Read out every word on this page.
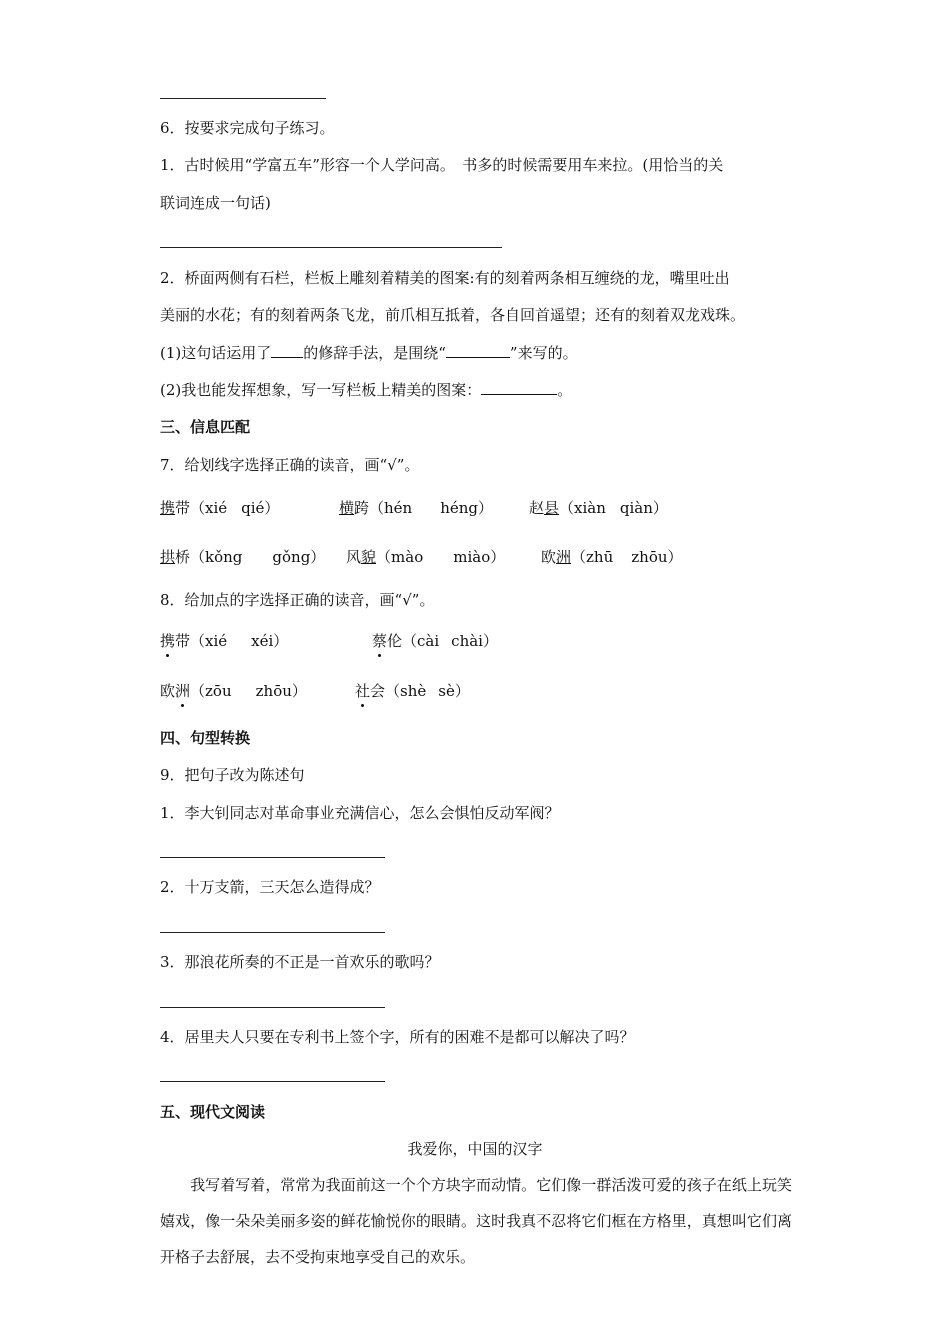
6．按要求完成句子练习。
1．古时候用“学富五车”形容一个人学问高。　书多的时候需要用车来拉。(用恰当的关
联词连成一句话)
2．桥面两侧有石栏，栏板上雕刻着精美的图案:有的刻着两条相互缠绕的龙，嘴里吐出
美丽的水花；有的刻着两条飞龙，前爪相互抵着，各自回首遥望；还有的刻着双龙戏珠。
(1)这句话运用了 的修辞手法，是围绕“	”来写的。
(2)我也能发挥想象，写一写栏板上精美的图案：	。
三、信息匹配
7．给划线字选择正确的读音，画“√”。
携带（xié qié）	横跨（hén héng） 赵县（xiàn qiàn）
拱桥（kǒng gǒng） 风貌（mào miào） 欧洲（zhū zhōu）
8．给加点的字选择正确的读音，画“√”。
携带（xié xéi）	蔡伦（cài chài）
欧洲（zōu zhōu）	社会（shè sè）
四、句型转换
9．把句子改为陈述句
1．李大钊同志对革命事业充满信心，怎么会惧怕反动军阀？
2．十万支箭，三天怎么造得成？
3．那浪花所奏的不正是一首欢乐的歌吗？
4．居里夫人只要在专利书上签个字，所有的困难不是都可以解决了吗？
五、现代文阅读
我爱你，中国的汉字
　　我写着写着，常常为我面前这一个个方块字而动情。它们像一群活泼可爱的孩子在纸上玩笑嬉戏，像一朵朵美丽多姿的鲜花愉悦你的眼睛。这时我真不忍将它们框在方格里，真想叫它们离开格子去舒展，去不受拘束地享受自己的欢乐。
